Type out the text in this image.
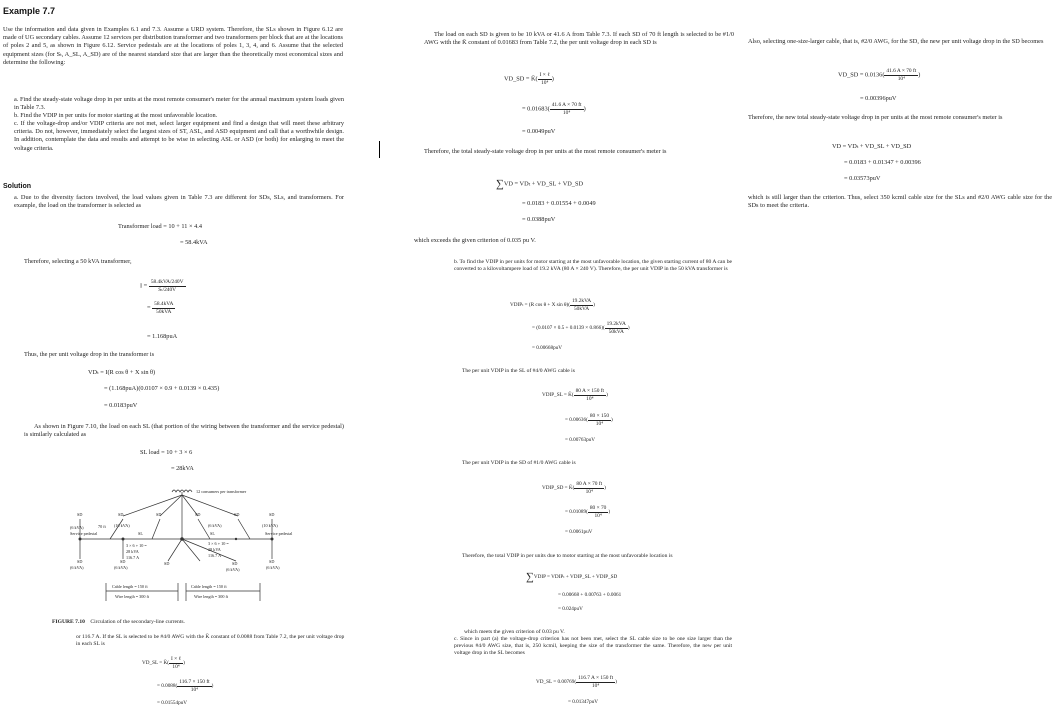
Example 7.7

Use the information and data given in Examples 6.1 and 7.3. Assume a URD system. Therefore, the SLs shown in Figure 6.12 are made of UG secondary cables. Assume 12 services per distribution transformer and two transformers per block that are at the locations of poles 2 and 5, as shown in Figure 6.12. Service pedestals are at the locations of poles 1, 3, 4, and 6. Assume that the selected equipment sizes (for Sₜ, A_SL, A_SD) are of the nearest standard size that are larger than the theoretically most economical sizes and determine the following:

a. Find the steady-state voltage drop in per units at the most remote consumer's meter for the annual maximum system loads given in Table 7.3.

b. Find the VDIP in per units for motor starting at the most unfavorable location.

c. If the voltage-drop and/or VDIP criteria are not met, select larger equipment and find a design that will meet these arbitrary criteria. Do not, however, immediately select the largest sizes of ST, ASL, and ASD equipment and call that a worthwhile design. In addition, contemplate the data and results and attempt to be wise in selecting ASL or ASD (or both) for enlarging to meet the voltage criteria.

Solution

a. Due to the diversity factors involved, the load values given in Table 7.3 are different for SDs, SLs, and transformers. For example, the load on the transformer is selected as

Transformer load = 10 + 11 × 4.4
= 58.4kVA

Therefore, selecting a 50 kVA transformer,

$I = \frac{\text{58.4kVA/240V}}{\text{Sₜ/240V}}$
= $\frac{\text{58.4kVA}}{\text{50kVA}}$
= 1.168puA

Thus, the per unit voltage drop in the transformer is

VDₜ = I(R cos θ + X sin θ)
= (1.168puA)(0.0107 × 0.9 + 0.0139 × 0.435)
= 0.0183puV

As shown in Figure 7.10, the load on each SL (that portion of the wiring between the transformer and the service pedestal) is similarly calculated as

SL load = 10 + 3 × 6
= 28kVA
12 consumers per transformer
SD	SD	SD	SD	SD	SD
(6 kVA)	70 ft (10 kVA)	(6 kVA)	(10 kVA)
Service pedestal	Service pedestal
SL	SL
3 × 6 + 10 =
28 kVA
116.7 A
3 × 6 + 10 =
28 kVA
116.7 A
SD	SD	SD	SD	SD
(6 kVA)	(6 kVA)	(6 kVA)	(6 kVA)
Cable length = 150 ft	Cable length = 150 ft
Wire length = 300 ft	Wire length = 300 ft
FIGURE 7.10 Circulation of the secondary-line currents.

or 116.7 A. If the SL is selected to be #4/0 AWG with the K̄ constant of 0.0088 from Table 7.2, the per unit voltage drop in each SL is

VD_SL = K̄( $\frac{\text{I × ℓ}}{\text{10⁴}}$ )
= $0.0088( \frac{116.7 \times 150 ft}{\text{10⁴}}$ )
= 0.01554puV

The load on each SD is given to be 10 kVA or 41.6 A from Table 7.3. If each SD of 70 ft length is selected to be #1/0 AWG with the K̄ constant of 0.01683 from Table 7.2, the per unit voltage drop in each SD is

VD_SD = K̄( $\frac{\text{I × ℓ}}{\text{10⁴}}$ )
= $0.01683( \frac{41.6 A \times 70 ft}{\text{10⁴}}$ )
= 0.0049puV

Therefore, the total steady-state voltage drop in per units at the most remote consumer's meter is

∑VD = VDₜ + VD_SL + VD_SD
= 0.0183 + 0.01554 + 0.0049
= 0.0388puV

which exceeds the given criterion of 0.035 pu V.

b. To find the VDIP in per units for motor starting at the most unfavorable location, the given starting current of 80 A can be converted to a kilovoltampere load of 19.2 kVA (80 A × 240 V). Therefore, the per unit VDIP in the 50 kVA transformer is

VDIPₜ = (R cos θ + X $\sin \theta)( \frac{\text{19.2kVA}}{\text{50kVA}}$ )
= $(0.0107 \times 0.5 + 0.0139 \times 0.866)( \frac{\text{19.2kVA}}{\text{50kVA}}$ )
= 0.00668puV

The per unit VDIP in the SL of #4/0 AWG cable is

VDIP_SL = K̄( $\frac{80 A \times 150 ft}{\text{10⁴}}$ )
= $0.00636( \frac{80 \times 150}{\text{10⁴}}$ )
= 0.00763puV

The per unit VDIP in the SD of #1/0 AWG cable is

VDIP_SD = K̄( $\frac{80 A \times 70 ft}{\text{10⁴}}$ )
= $0.01089( \frac{80 \times 70}{\text{10⁴}}$ )
= 0.0061puV

Therefore, the total VDIP in per units due to motor starting at the most unfavorable location is

∑VDIP = VDIPₜ + VDIP_SL + VDIP_SD
= 0.00668 + 0.00763 + 0.0061
= 0.024puV

which meets the given criterion of 0.03 pu V.

c. Since in part (a) the voltage-drop criterion has not been met, select the SL cable size to be one size larger than the previous #4/0 AWG size, that is, 250 kcmil, keeping the size of the transformer the same. Therefore, the new per unit voltage drop in the SL becomes

VD_SL = $0.00769( \frac{116.7 A \times 150 ft}{\text{10⁴}}$ )
= 0.01347puV

Also, selecting one-size-larger cable, that is, #2/0 AWG, for the SD, the new per unit voltage drop in the SD becomes

VD_SD = $0.0136( \frac{41.6 A \times 70 ft}{\text{10⁴}}$ )
= 0.00396puV

Therefore, the new total steady-state voltage drop in per units at the most remote consumer's meter is

VD = VDₜ + VD_SL + VD_SD
= 0.0183 + 0.01347 + 0.00396
= 0.03573puV

which is still larger than the criterion. Thus, select 350 kcmil cable size for the SLs and #2/0 AWG cable size for the SDs to meet the criteria.
